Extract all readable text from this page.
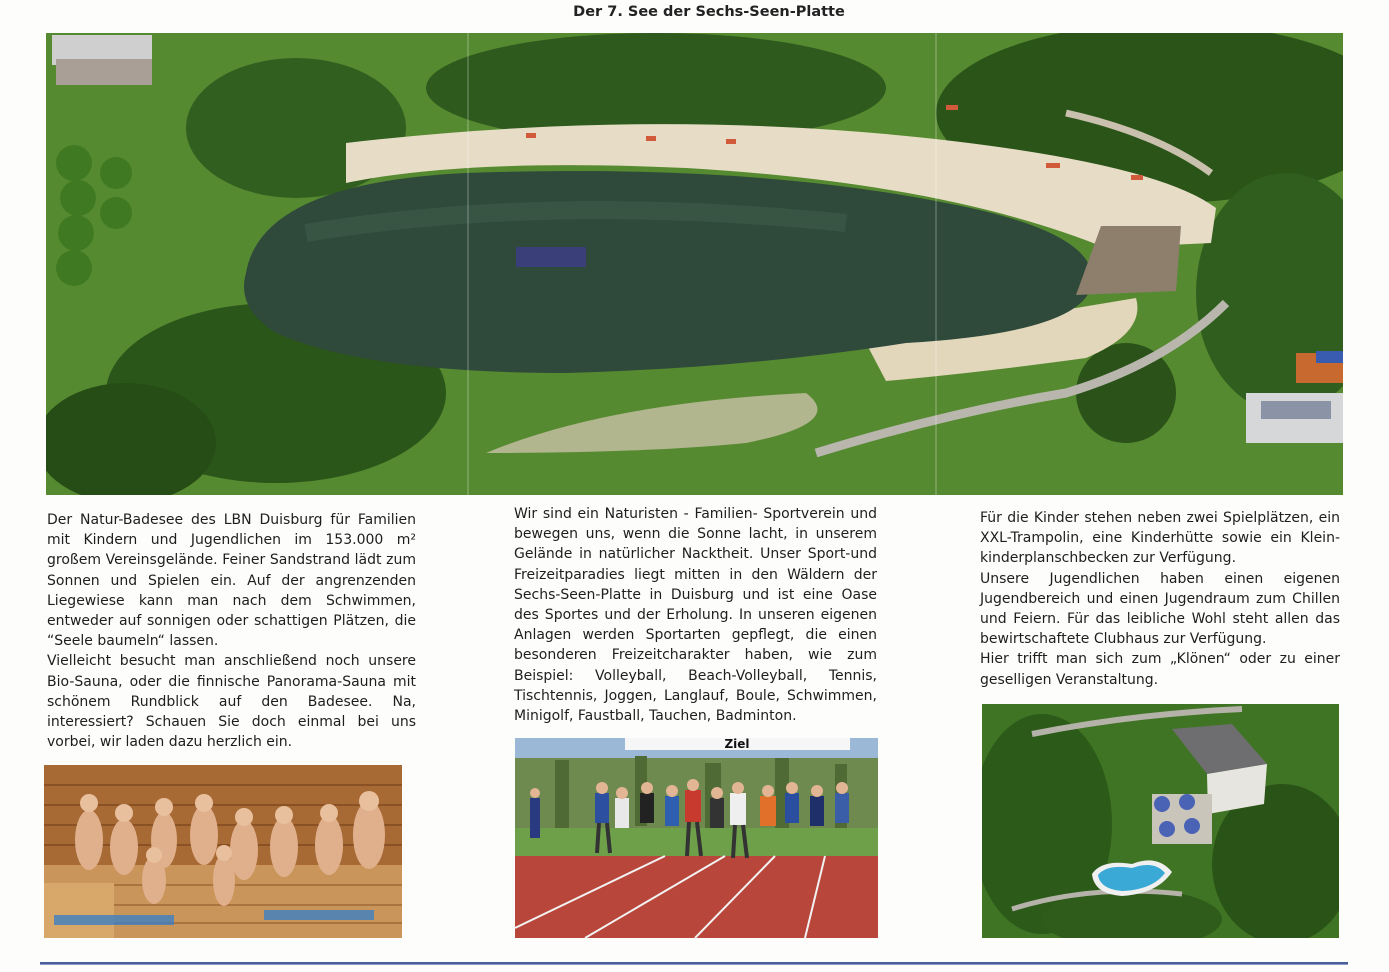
Der 7. See der Sechs-Seen-Platte

Der Natur-Badesee des LBN Duisburg für Familien mit Kindern und Jugendlichen im 153.000 m² großem Vereinsgelände. Feiner Sandstrand lädt zum Sonnen und Spielen ein. Auf der angrenzenden Liegewiese kann man nach dem Schwimmen, entweder auf sonnigen oder schattigen Plätzen, die “Seele baumeln“ lassen.

Vielleicht besucht man anschließend noch unsere Bio-Sauna, oder die finnische Panorama-Sauna mit schönem Rundblick auf den Badesee. Na, interessiert? Schauen Sie doch einmal bei uns vorbei, wir laden dazu herzlich ein.

Wir sind ein Naturisten - Familien- Sportverein und bewegen uns, wenn die Sonne lacht, in unserem Gelände in natürlicher Nacktheit. Unser Sport-und Freizeitparadies liegt mitten in den Wäldern der Sechs-Seen-Platte in Duisburg und ist eine Oase des Sportes und der Erholung. In unseren eigenen Anlagen werden Sportarten gepflegt, die einen besonderen Freizeitcharakter haben, wie zum Beispiel: Volleyball, Beach-Volleyball, Tennis, Tischtennis, Joggen, Langlauf, Boule, Schwimmen, Minigolf, Faustball, Tauchen, Badminton.

Für die Kinder stehen neben zwei Spielplätzen, ein XXL-Trampolin, eine Kinderhütte sowie ein Klein-kinderplanschbecken zur Verfügung.

Unsere Jugendlichen haben einen eigenen Jugendbereich und einen Jugendraum zum Chillen und Feiern. Für das leibliche Wohl steht allen das bewirtschaftete Clubhaus zur Verfügung.

Hier trifft man sich zum „Klönen“ oder zu einer geselligen Veranstaltung.

Ziel
